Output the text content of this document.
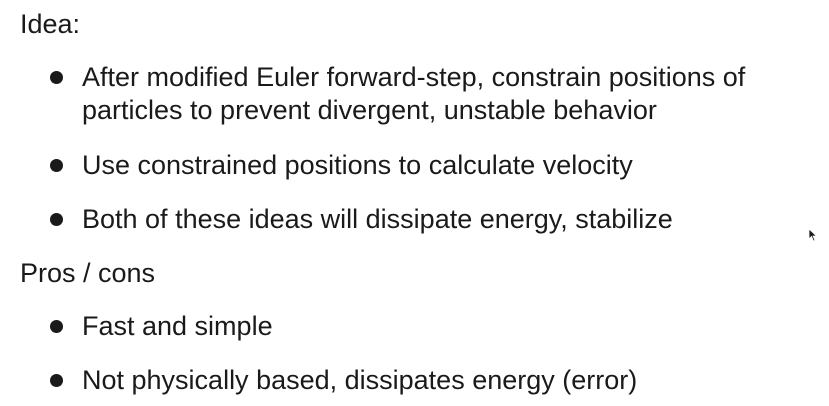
Idea:
After modified Euler forward-step, constrain positions of particles to prevent divergent, unstable behavior
Use constrained positions to calculate velocity
Both of these ideas will dissipate energy, stabilize
Pros / cons
Fast and simple
Not physically based, dissipates energy (error)
